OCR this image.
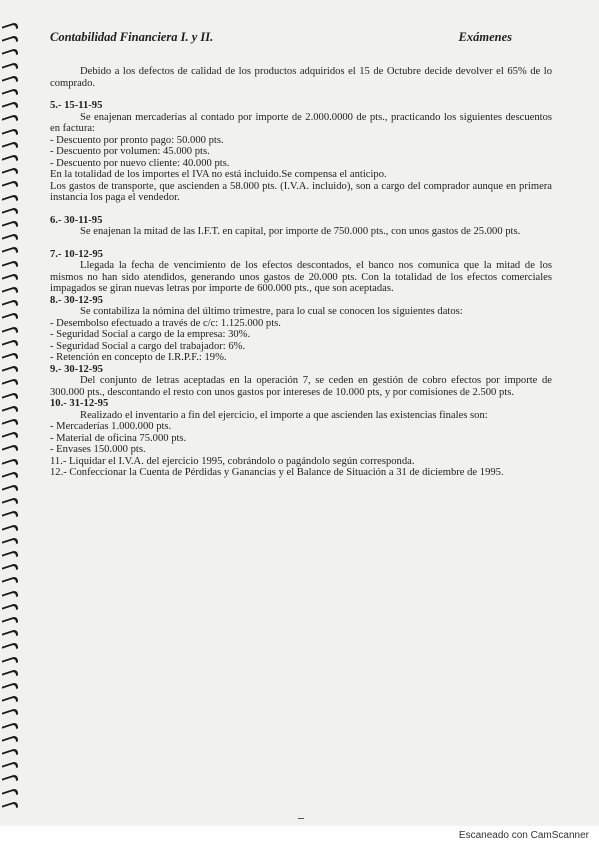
Contabilidad Financiera I. y II.	Exámenes

Debido a los defectos de calidad de los productos adquiridos el 15 de Octubre decide devolver el 65% de lo comprado.

5.- 15-11-95

Se enajenan mercaderías al contado por importe de 2.000.0000 de pts., practicando los siguientes descuentos en factura:

- Descuento por pronto pago: 50.000 pts.

- Descuento por volumen: 45.000 pts.

- Descuento por nuevo cliente: 40.000 pts.

En la totalidad de los importes el IVA no está incluido.Se compensa el anticipo.

Los gastos de transporte, que ascienden a 58.000 pts. (I.V.A. incluido), son a cargo del comprador aunque en primera instancia los paga el vendedor.

6.- 30-11-95

Se enajenan la mitad de las I.F.T. en capital, por importe de 750.000 pts., con unos gastos de 25.000 pts.

7.- 10-12-95

Llegada la fecha de vencimiento de los efectos descontados, el banco nos comunica que la mitad de los mismos no han sido atendidos, generando unos gastos de 20.000 pts. Con la totalidad de los efectos comerciales impagados se giran nuevas letras por importe de 600.000 pts., que son aceptadas.

8.- 30-12-95

Se contabiliza la nómina del último trimestre, para lo cual se conocen los siguientes datos:

- Desembolso efectuado a través de c/c: 1.125.000 pts.

- Seguridad Social a cargo de la empresa: 30%.

- Seguridad Social a cargo del trabajador: 6%.

- Retención en concepto de I.R.P.F.: 19%.

9.- 30-12-95

Del conjunto de letras aceptadas en la operación 7, se ceden en gestión de cobro efectos por importe de 300.000 pts., descontando el resto con unos gastos por intereses de 10.000 pts, y por comisiones de 2.500 pts.

10.- 31-12-95

Realizado el inventario a fin del ejercicio, el importe a que ascienden las existencias finales son:

- Mercaderías 1.000.000 pts.

- Material de oficina 75.000 pts.

- Envases 150.000 pts.

11.- Liquidar el I.V.A. del ejercicio 1995, cobrándolo o pagándolo según corresponda.

12.- Confeccionar la Cuenta de Pérdidas y Ganancias y el Balance de Situación a 31 de diciembre de 1995.

Escaneado con CamScanner
